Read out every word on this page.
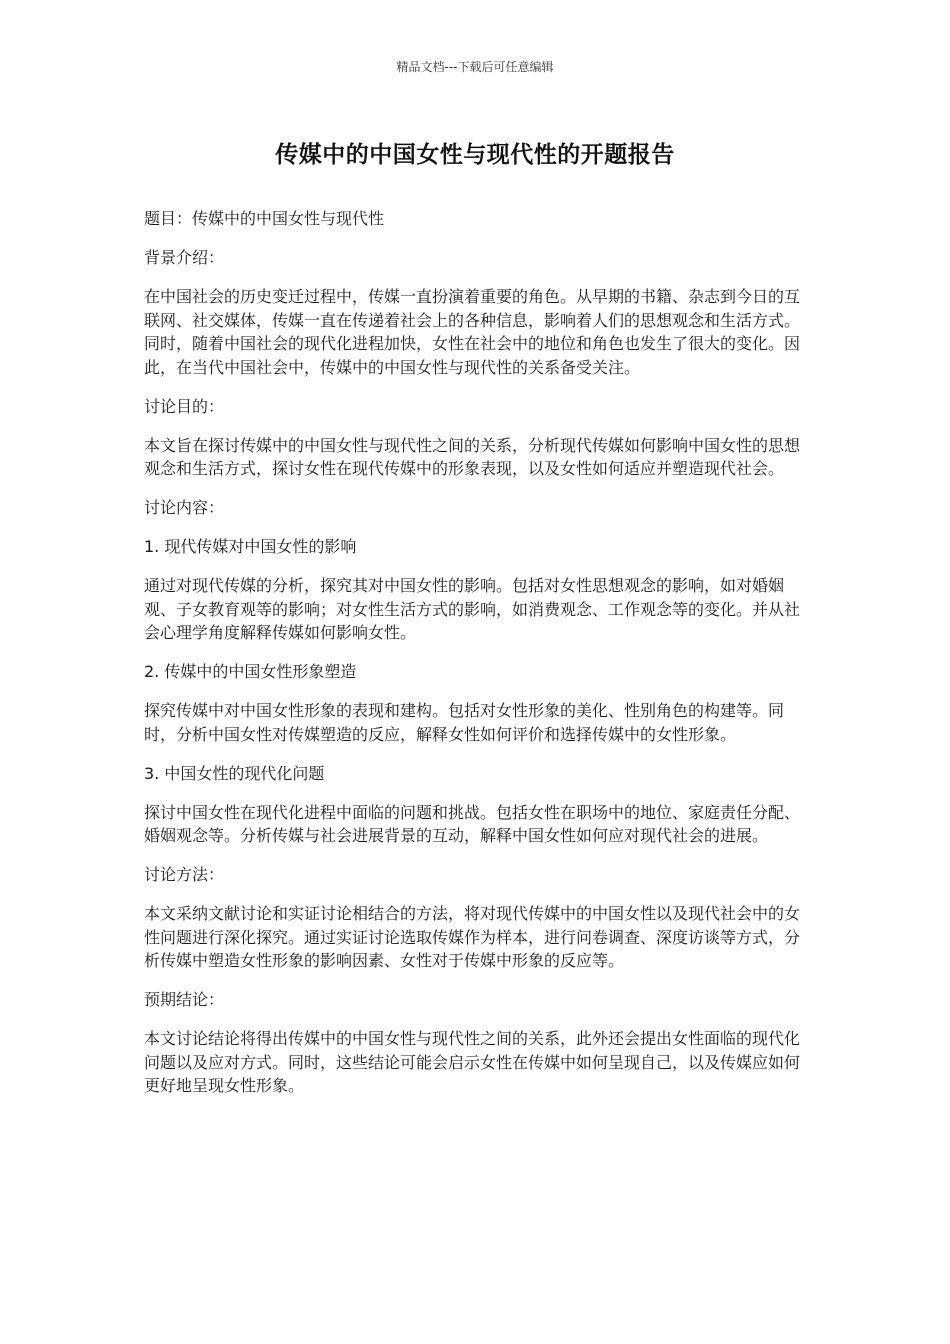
精品文档---下载后可任意编辑
传媒中的中国女性与现代性的开题报告

题目：传媒中的中国女性与现代性

背景介绍：

在中国社会的历史变迁过程中，传媒一直扮演着重要的角色。从早期的书籍、杂志到今日的互联网、社交媒体，传媒一直在传递着社会上的各种信息，影响着人们的思想观念和生活方式。同时，随着中国社会的现代化进程加快，女性在社会中的地位和角色也发生了很大的变化。因此，在当代中国社会中，传媒中的中国女性与现代性的关系备受关注。

讨论目的：

本文旨在探讨传媒中的中国女性与现代性之间的关系，分析现代传媒如何影响中国女性的思想观念和生活方式，探讨女性在现代传媒中的形象表现，以及女性如何适应并塑造现代社会。

讨论内容：

1. 现代传媒对中国女性的影响

通过对现代传媒的分析，探究其对中国女性的影响。包括对女性思想观念的影响，如对婚姻观、子女教育观等的影响；对女性生活方式的影响，如消费观念、工作观念等的变化。并从社会心理学角度解释传媒如何影响女性。

2. 传媒中的中国女性形象塑造

探究传媒中对中国女性形象的表现和建构。包括对女性形象的美化、性别角色的构建等。同时，分析中国女性对传媒塑造的反应，解释女性如何评价和选择传媒中的女性形象。

3. 中国女性的现代化问题

探讨中国女性在现代化进程中面临的问题和挑战。包括女性在职场中的地位、家庭责任分配、婚姻观念等。分析传媒与社会进展背景的互动，解释中国女性如何应对现代社会的进展。

讨论方法：

本文采纳文献讨论和实证讨论相结合的方法，将对现代传媒中的中国女性以及现代社会中的女性问题进行深化探究。通过实证讨论选取传媒作为样本，进行问卷调查、深度访谈等方式，分析传媒中塑造女性形象的影响因素、女性对于传媒中形象的反应等。

预期结论：

本文讨论结论将得出传媒中的中国女性与现代性之间的关系，此外还会提出女性面临的现代化问题以及应对方式。同时，这些结论可能会启示女性在传媒中如何呈现自己，以及传媒应如何更好地呈现女性形象。
